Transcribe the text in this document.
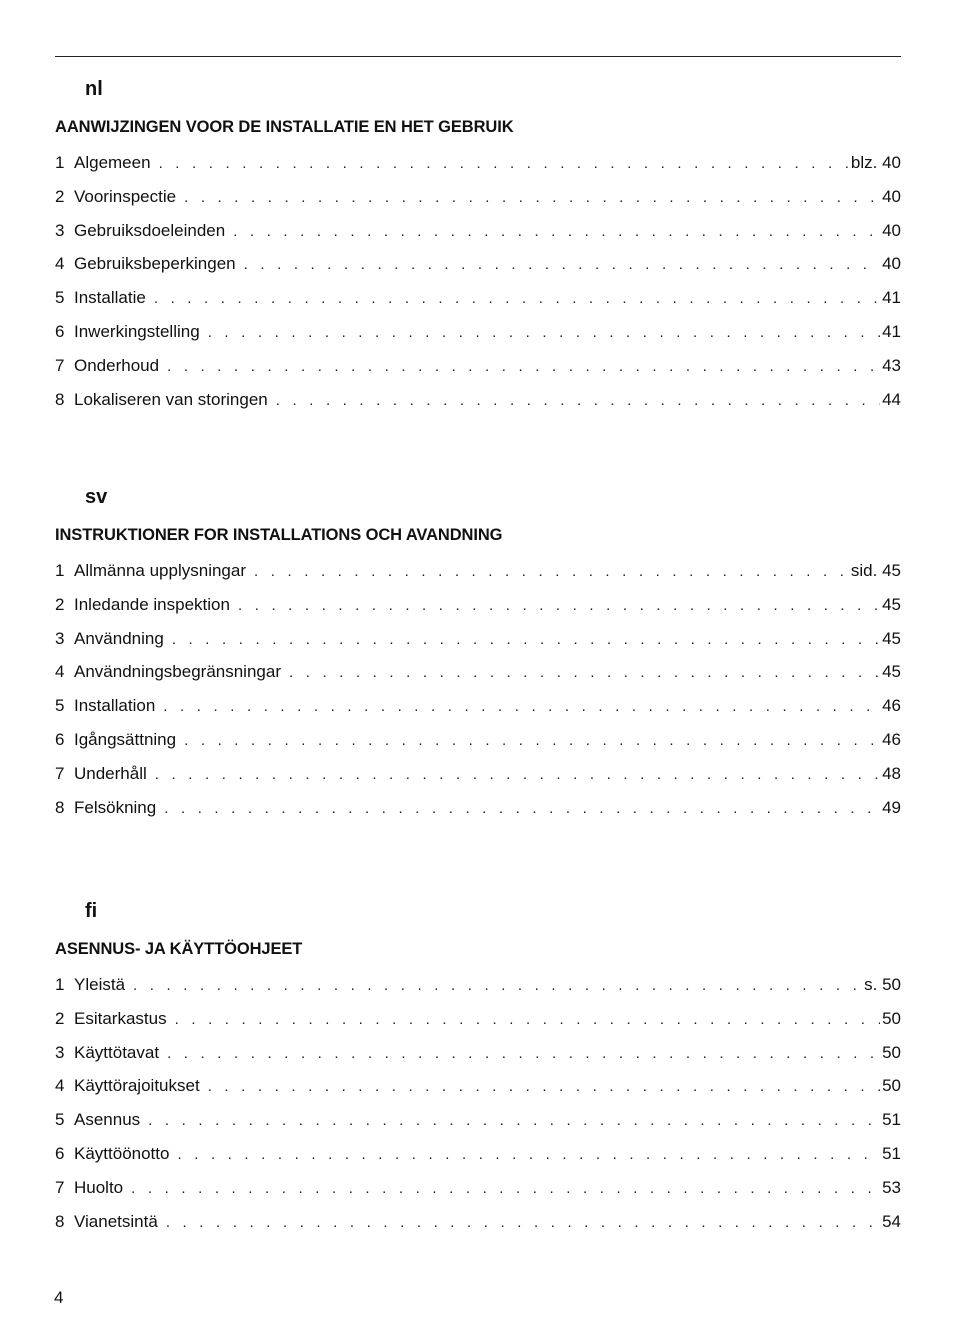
nl
AANWIJZINGEN VOOR DE INSTALLATIE EN HET GEBRUIK
1 Algemeen . . .	blz. 40
2 Voorinspectie . . .	40
3 Gebruiksdoeleinden . . .	40
4 Gebruiksbeperkingen . . .	40
5 Installatie . . .	41
6 Inwerkingstelling . . .	41
7 Onderhoud . . .	43
8 Lokaliseren van storingen . . .	44
sv
INSTRUKTIONER FOR INSTALLATIONS OCH AVANDNING
1 Allmänna upplysningar . . .	sid. 45
2 Inledande inspektion . . .	45
3 Användning . . .	45
4 Användningsbegränsningar . . .	45
5 Installation . . .	46
6 Igångsättning . . .	46
7 Underhåll . . .	48
8 Felsökning . . .	49
fi
ASENNUS- JA KÄYTTÖOHJEET
1 Yleistä . . .	s. 50
2 Esitarkastus . . .	50
3 Käyttötavat . . .	50
4 Käyttörajoitukset . . .	50
5 Asennus . . .	51
6 Käyttöönotto . . .	51
7 Huolto . . .	53
8 Vianetsintä . . .	54
4
